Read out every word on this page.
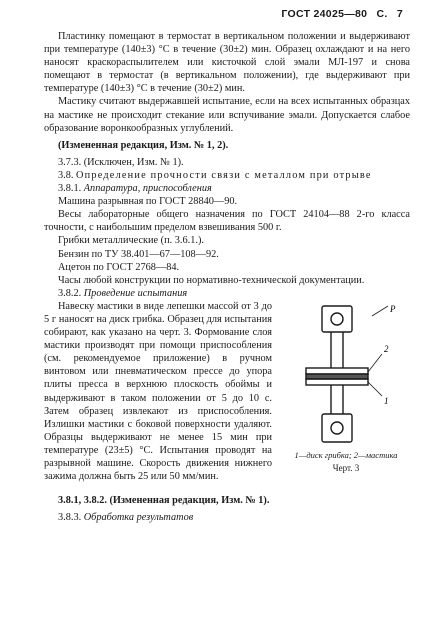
ГОСТ 24025—80 С. 7

Пластинку помещают в термостат в вертикальном положении и выдерживают при температуре (140±3) °С в течение (30±2) мин. Образец охлаждают и на него наносят краскораспылителем или кисточкой слой эмали МЛ-197 и снова помещают в термостат (в вертикальном положении), где выдерживают при температуре (140±3) °С в течение (30±2) мин.

Мастику считают выдержавшей испытание, если на всех испытанных образцах на мастике не происходит стекание или вспучивание эмали. Допускается слабое образование воронкообразных углублений.

(Измененная редакция, Изм. № 1, 2).

3.7.3. (Исключен, Изм. № 1).

3.8. Определение прочности связи с металлом при отрыве

3.8.1. Аппаратура, приспособления

Машина разрывная по ГОСТ 28840—90.

Весы лабораторные общего назначения по ГОСТ 24104—88 2-го класса точности, с наибольшим пределом взвешивания 500 г.

Грибки металлические (п. 3.6.1.).

Бензин по ТУ 38.401—67—108—92.

Ацетон по ГОСТ 2768—84.

Часы любой конструкции по нормативно-технической документации.

3.8.2. Проведение испытания

2
1
Р
1—диск грибка; 2—мастика
Черт. 3

Навеску мастики в виде лепешки массой от 3 до 5 г наносят на диск грибка. Образец для испытания собирают, как указано на черт. 3. Формование слоя мастики производят при помощи приспособления (см. рекомендуемое приложение) в ручном винтовом или пневматическом прессе до упора плиты пресса в верхнюю плоскость обоймы и выдерживают в таком положении от 5 до 10 с. Затем образец извлекают из приспособления. Излишки мастики с боковой поверхности удаляют. Образцы выдерживают не менее 15 мин при температуре (23±5) °С. Испытания проводят на разрывной машине. Скорость движения нижнего зажима должна быть 25 или 50 мм/мин.

3.8.1, 3.8.2. (Измененная редакция, Изм. № 1).

3.8.3. Обработка результатов
